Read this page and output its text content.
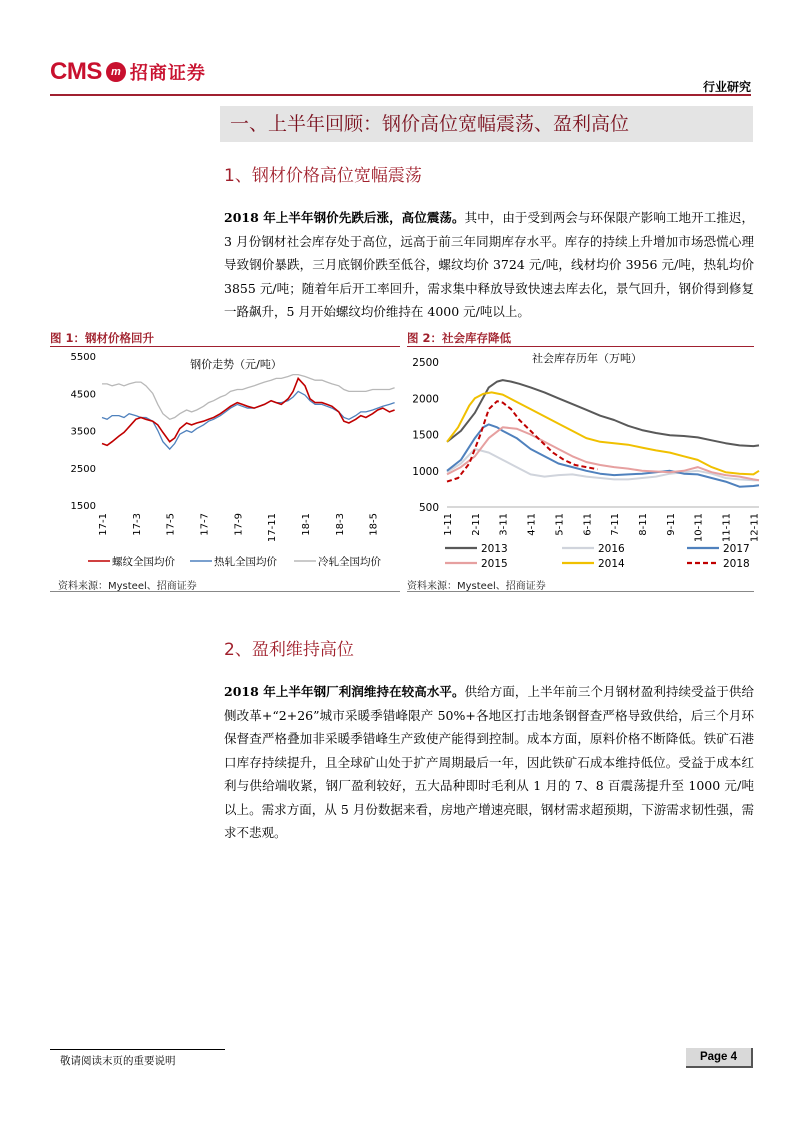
CMS m 招商证券
行业研究
一、上半年回顾：钢价高位宽幅震荡、盈利高位
1、钢材价格高位宽幅震荡
2018 年上半年钢价先跌后涨，高位震荡。其中，由于受到两会与环保限产影响工地开工推迟，3 月份钢材社会库存处于高位，远高于前三年同期库存水平。库存的持续上升增加市场恐慌心理导致钢价暴跌，三月底钢价跌至低谷，螺纹均价 3724 元/吨，线材均价 3956 元/吨，热轧均价 3855 元/吨；随着年后开工率回升，需求集中释放导致快速去库去化，景气回升，钢价得到修复一路飙升，5 月开始螺纹均价维持在 4000 元/吨以上。
图 1：钢材价格回升
钢价走势（元/吨）
1500
2500
3500
4500
5500
17-1 17-3 17-5 17-7 17-9 17-11 18-1 18-3 18-5
螺纹全国均价	热轧全国均价	冷轧全国均价
资料来源：Mysteel、招商证券
图 2：社会库存降低
社会库存历年（万吨）
500
1000
1500
2000
2500
1-11 2-11 3-11 4-11 5-11 6-11 7-11 8-11 9-11 10-11 11-11 12-11
2013	2016	2017
2015	2014	2018
资料来源：Mysteel、招商证券
2、盈利维持高位
2018 年上半年钢厂利润维持在较高水平。供给方面，上半年前三个月钢材盈利持续受益于供给侧改革+“2+26”城市采暖季错峰限产 50%+各地区打击地条钢督查严格导致供给，后三个月环保督查严格叠加非采暖季错峰生产致使产能得到控制。成本方面，原料价格不断降低。铁矿石港口库存持续提升，且全球矿山处于扩产周期最后一年，因此铁矿石成本维持低位。受益于成本红利与供给端收紧，钢厂盈利较好，五大品种即时毛利从 1 月的 7、8 百震荡提升至 1000 元/吨以上。需求方面，从 5 月份数据来看，房地产增速亮眼，钢材需求超预期，下游需求韧性强，需求不悲观。
敬请阅读末页的重要说明	Page 4
